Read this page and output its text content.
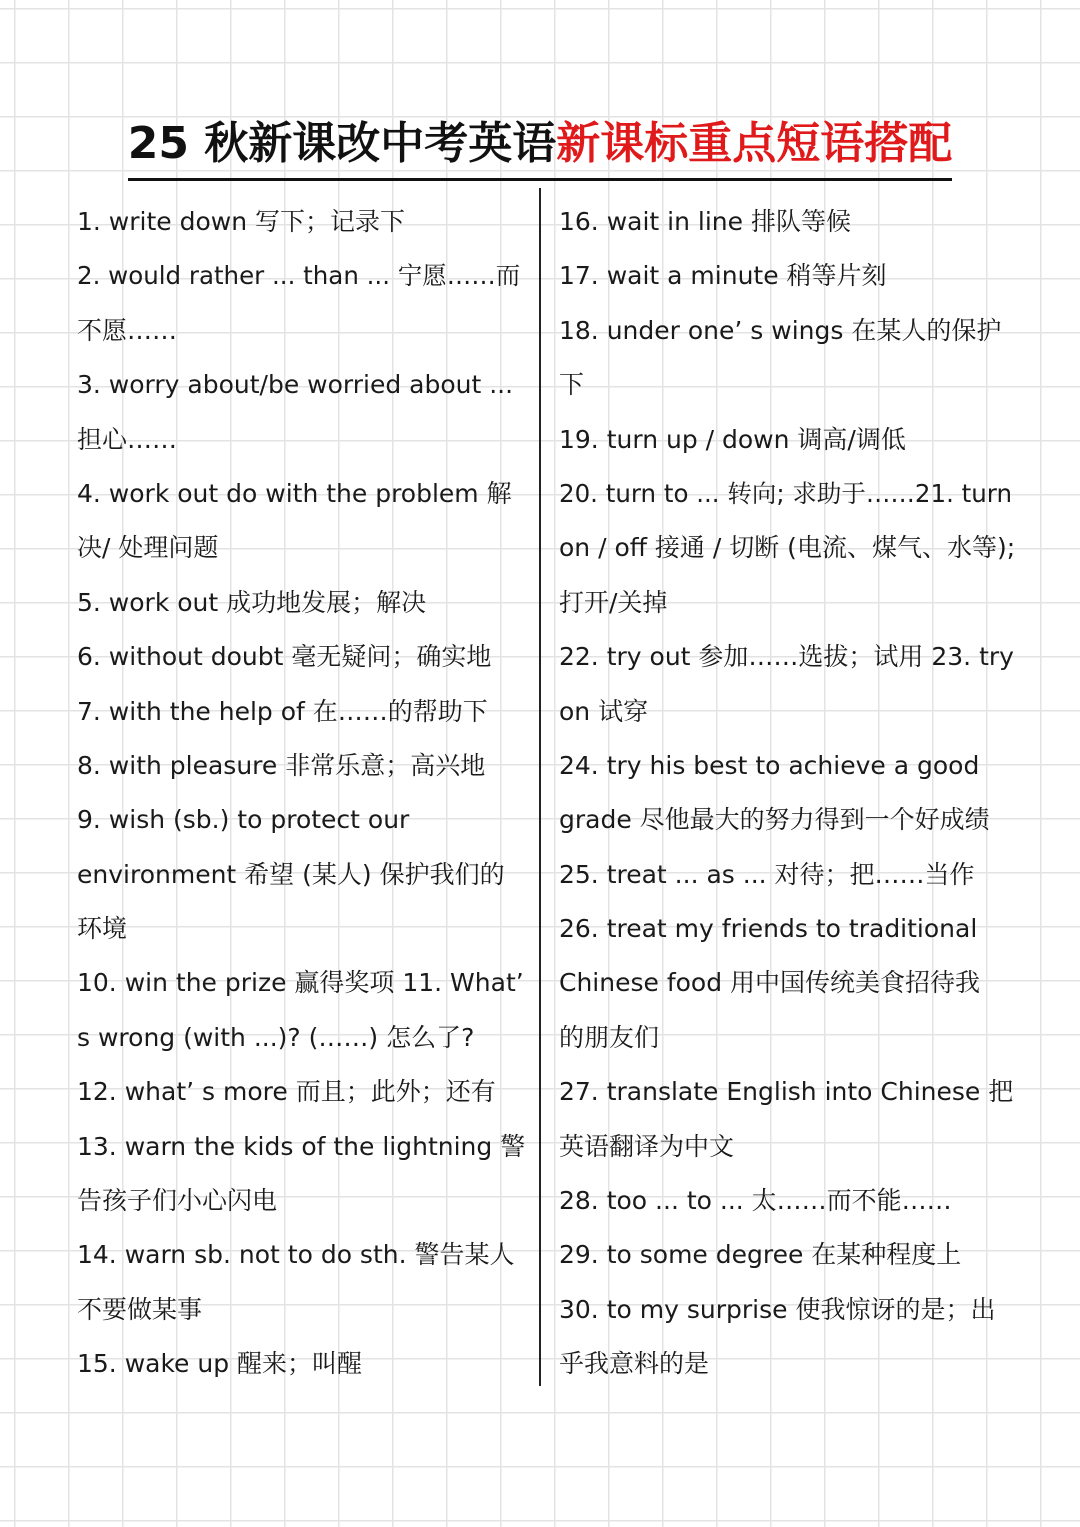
25 秋新课改中考英语新课标重点短语搭配
1. write down 写下；记录下
2. would rather ... than ... 宁愿……而
不愿……
3. worry about/be worried about ...
担心……
4. work out do with the problem 解
决/ 处理问题
5. work out 成功地发展；解决
6. without doubt 毫无疑问；确实地
7. with the help of 在……的帮助下
8. with pleasure 非常乐意；高兴地
9. wish (sb.) to protect our
environment 希望 (某人) 保护我们的
环境
10. win the prize 赢得奖项 11. What’
s wrong (with ...)? (……) 怎么了?
12. what’ s more 而且；此外；还有
13. warn the kids of the lightning 警
告孩子们小心闪电
14. warn sb. not to do sth. 警告某人
不要做某事
15. wake up 醒来；叫醒
16. wait in line 排队等候
17. wait a minute 稍等片刻
18. under one’ s wings 在某人的保护
下
19. turn up / down 调高/调低
20. turn to ... 转向; 求助于……21. turn
on / off 接通 / 切断 (电流、煤气、水等);
打开/关掉
22. try out 参加……选拔；试用 23. try
on 试穿
24. try his best to achieve a good
grade 尽他最大的努力得到一个好成绩
25. treat ... as ... 对待；把……当作
26. treat my friends to traditional
Chinese food 用中国传统美食招待我
的朋友们
27. translate English into Chinese 把
英语翻译为中文
28. too ... to ... 太……而不能……
29. to some degree 在某种程度上
30. to my surprise 使我惊讶的是；出
乎我意料的是
